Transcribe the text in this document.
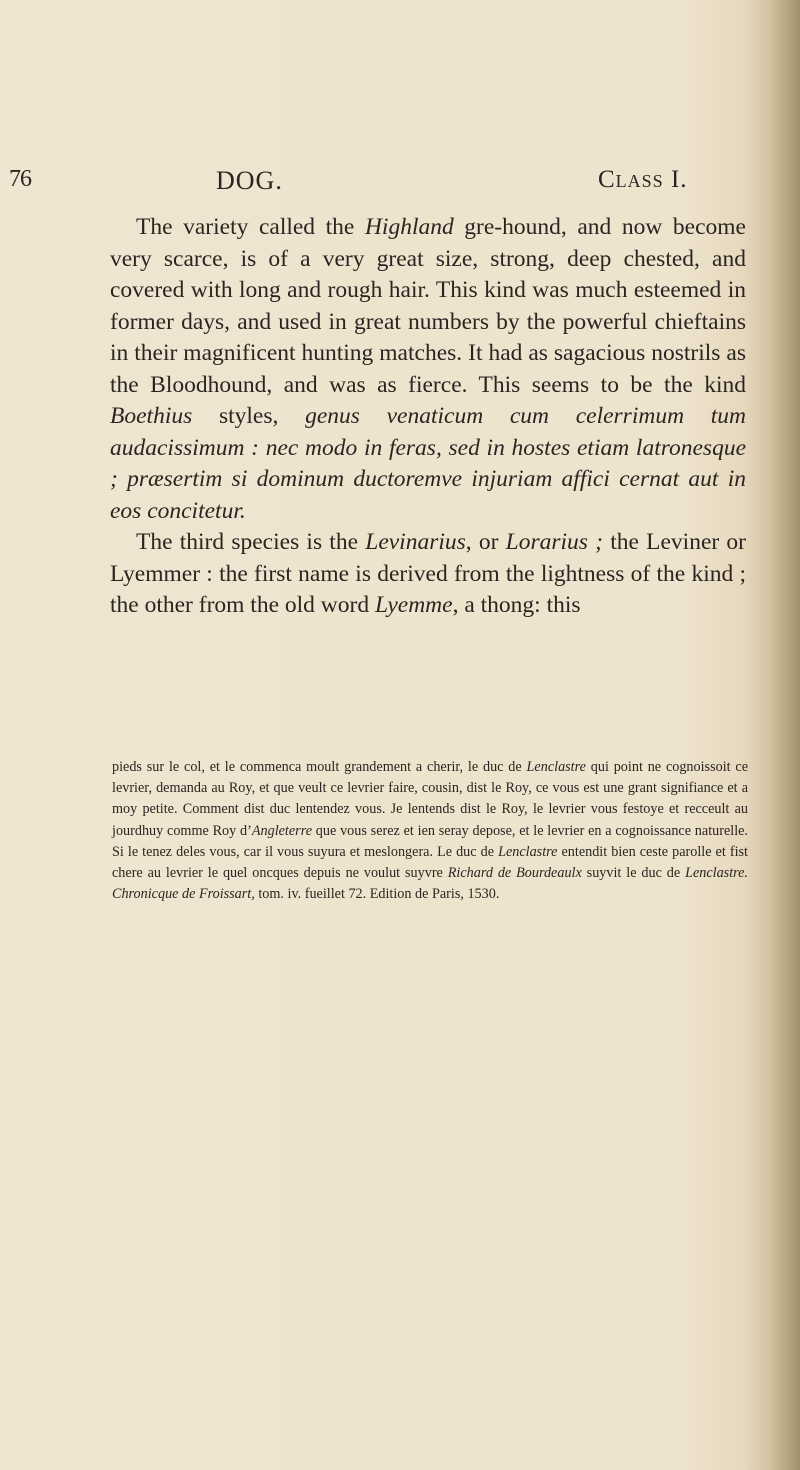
76	DOG.	Class I.

The variety called the Highland gre-hound, and now become very scarce, is of a very great size, strong, deep chested, and covered with long and rough hair. This kind was much esteemed in former days, and used in great numbers by the powerful chieftains in their magnificent hunting matches. It had as sagacious nostrils as the Bloodhound, and was as fierce. This seems to be the kind Boethius styles, genus venaticum cum celerrimum tum audacissimum : nec modo in feras, sed in hostes etiam latronesque ; præsertim si dominum ductoremve injuriam affici cernat aut in eos concitetur.

The third species is the Levinarius, or Lorarius ; the Leviner or Lyemmer : the first name is derived from the lightness of the kind ; the other from the old word Lyemme, a thong: this

pieds sur le col, et le commenca moult grandement a cherir, le duc de Lenclastre qui point ne cognoissoit ce levrier, demanda au Roy, et que veult ce levrier faire, cousin, dist le Roy, ce vous est une grant signifiance et a moy petite. Comment dist duc lentendez vous. Je lentends dist le Roy, le levrier vous festoye et recceult au jourdhuy comme Roy d’Angleterre que vous serez et ien seray depose, et le levrier en a cognoissance naturelle. Si le tenez deles vous, car il vous suyura et meslongera. Le duc de Lenclastre entendit bien ceste parolle et fist chere au levrier le quel oncques depuis ne voulut suyvre Richard de Bourdeaulx suyvit le duc de Lenclastre. Chronicque de Froissart, tom. iv. fueillet 72. Edition de Paris, 1530.
